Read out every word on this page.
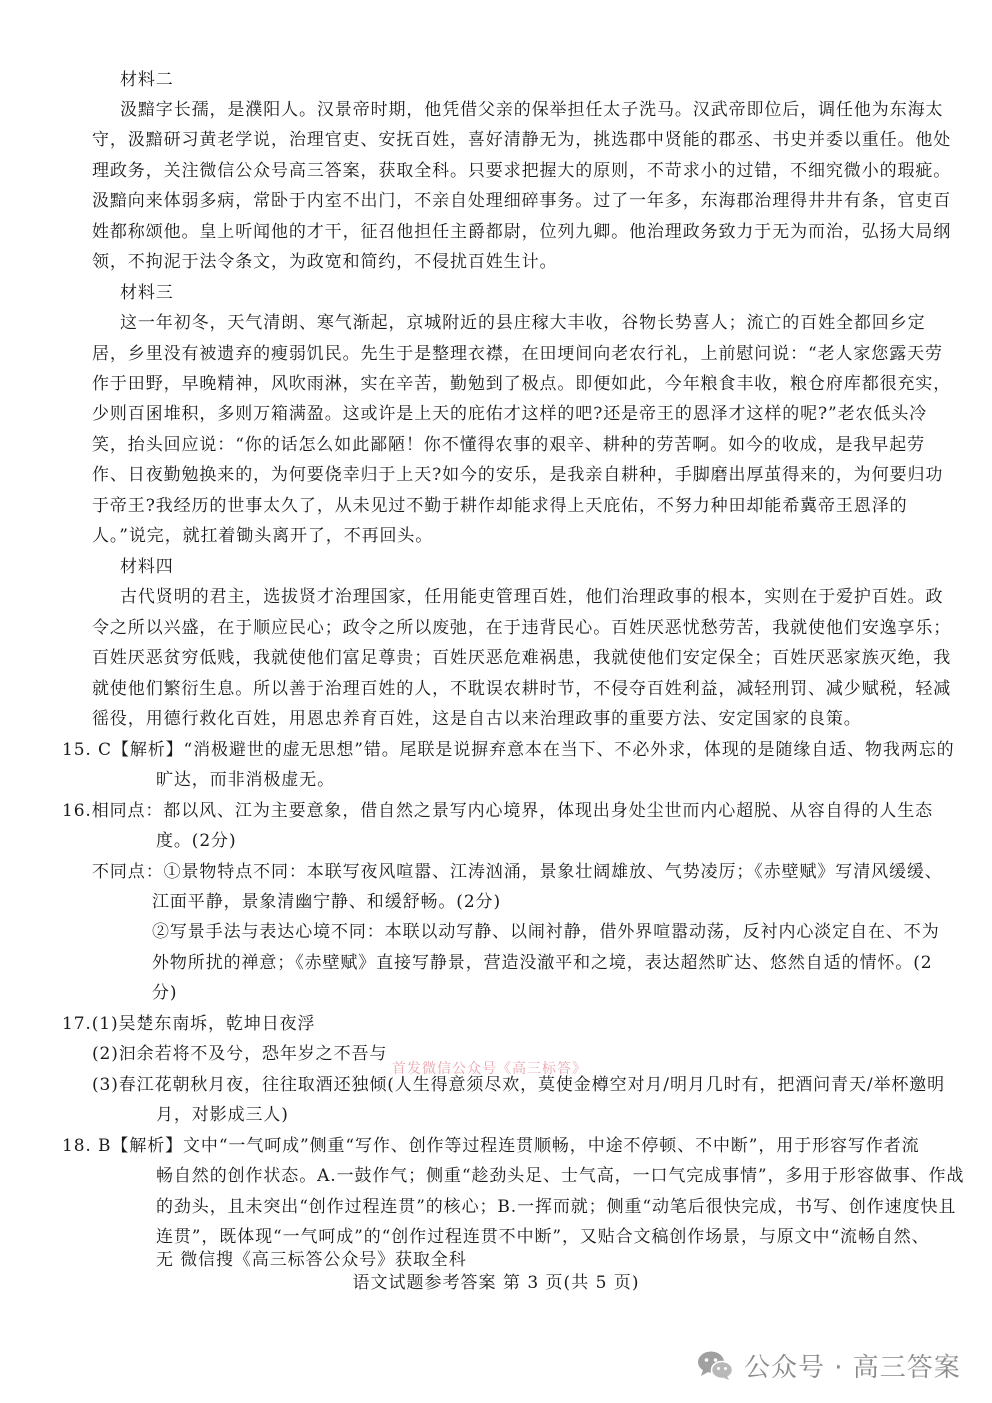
材料二
汲黯字长孺，是濮阳人。汉景帝时期，他凭借父亲的保举担任太子洗马。汉武帝即位后，调任他为东海太
守，汲黯研习黄老学说，治理官吏、安抚百姓，喜好清静无为，挑选郡中贤能的郡丞、书史并委以重任。他处
理政务，关注微信公众号高三答案，获取全科。只要求把握大的原则，不苛求小的过错，不细究微小的瑕疵。
汲黯向来体弱多病，常卧于内室不出门，不亲自处理细碎事务。过了一年多，东海郡治理得井井有条，官吏百
姓都称颂他。皇上听闻他的才干，征召他担任主爵都尉，位列九卿。他治理政务致力于无为而治，弘扬大局纲
领，不拘泥于法令条文，为政宽和简约，不侵扰百姓生计。
材料三
这一年初冬，天气清朗、寒气渐起，京城附近的县庄稼大丰收，谷物长势喜人；流亡的百姓全都回乡定
居，乡里没有被遗弃的瘦弱饥民。先生于是整理衣襟，在田埂间向老农行礼，上前慰问说：“老人家您露天劳
作于田野，早晚精神，风吹雨淋，实在辛苦，勤勉到了极点。即便如此，今年粮食丰收，粮仓府库都很充实，
少则百囷堆积，多则万箱满盈。这或许是上天的庇佑才这样的吧?还是帝王的恩泽才这样的呢?”老农低头冷
笑，抬头回应说：“你的话怎么如此鄙陋！你不懂得农事的艰辛、耕种的劳苦啊。如今的收成，是我早起劳
作、日夜勤勉换来的，为何要侥幸归于上天?如今的安乐，是我亲自耕种，手脚磨出厚茧得来的，为何要归功
于帝王?我经历的世事太久了，从未见过不勤于耕作却能求得上天庇佑，不努力种田却能希冀帝王恩泽的
人。”说完，就扛着锄头离开了，不再回头。
材料四
古代贤明的君主，选拔贤才治理国家，任用能吏管理百姓，他们治理政事的根本，实则在于爱护百姓。政
令之所以兴盛，在于顺应民心；政令之所以废弛，在于违背民心。百姓厌恶忧愁劳苦，我就使他们安逸享乐；
百姓厌恶贫穷低贱，我就使他们富足尊贵；百姓厌恶危难祸患，我就使他们安定保全；百姓厌恶家族灭绝，我
就使他们繁衍生息。所以善于治理百姓的人，不耽误农耕时节，不侵夺百姓利益，减轻刑罚、减少赋税，轻减
徭役，用德行救化百姓，用恩忠养育百姓，这是自古以来治理政事的重要方法、安定国家的良策。
15. C【解析】“消极避世的虚无思想”错。尾联是说摒弃意本在当下、不必外求，体现的是随缘自适、物我两忘的
旷达，而非消极虚无。
16.相同点：都以风、江为主要意象，借自然之景写内心境界，体现出身处尘世而内心超脱、从容自得的人生态
度。(2分)
不同点：①景物特点不同：本联写夜风喧嚣、江涛汹涌，景象壮阔雄放、气势凌厉；《赤壁赋》写清风缓缓、
江面平静，景象清幽宁静、和缓舒畅。(2分)
②写景手法与表达心境不同：本联以动写静、以闹衬静，借外界喧嚣动荡，反衬内心淡定自在、不为
外物所扰的禅意；《赤壁赋》直接写静景，营造没澈平和之境，表达超然旷达、悠然自适的情怀。(2
分)
17.(1)吴楚东南坼，乾坤日夜浮
(2)汩余若将不及兮，恐年岁之不吾与
(3)春江花朝秋月夜，往往取酒还独倾(人生得意须尽欢，莫使金樽空对月/明月几时有，把酒问青天/举杯邀明
月，对影成三人)
首发微信公众号《高三标答》
18. B【解析】文中“一气呵成”侧重“写作、创作等过程连贯顺畅，中途不停顿、不中断”，用于形容写作者流
畅自然的创作状态。A.一鼓作气；侧重“趁劲头足、士气高，一口气完成事情”，多用于形容做事、作战
的劲头，且未突出“创作过程连贯”的核心；B.一挥而就；侧重“动笔后很快完成，书写、创作速度快且
连贯”，既体现“一气呵成”的“创作过程连贯不中断”，又贴合文稿创作场景，与原文中“流畅自然、
无 微信搜《高三标答公众号》获取全科
语文试题参考答案 第 3 页(共 5 页)
公众号 · 高三答案
